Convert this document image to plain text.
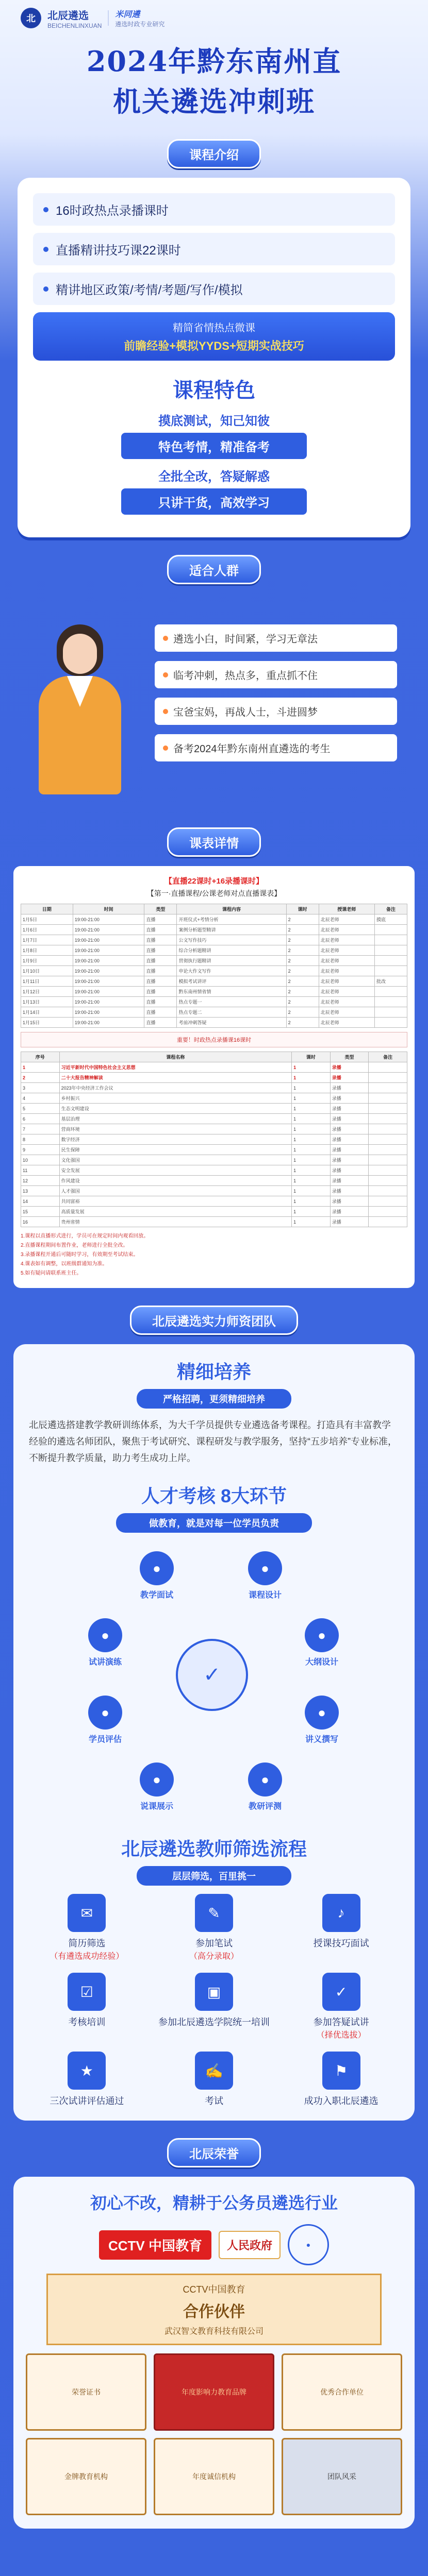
北	北辰遴选
BEICHENLINXUAN
米同遴
遴选时政专业研究
2024年黔东南州直
机关遴选冲刺班
课程介绍
16时政热点录播课时
直播精讲技巧课22课时
精讲地区政策/考情/考题/写作/模拟
精简省情热点微课
前瞻经验+模拟YYDS+短期实战技巧
课程特色
摸底测试，知己知彼
特色考情，精准备考
全批全改，答疑解惑
只讲干货，高效学习
适合人群
遴选小白，时间紧，学习无章法
临考冲刺，热点多，重点抓不住
宝爸宝妈，再战人士，斗进圆梦
备考2024年黔东南州直遴选的考生
课表详情
【直播22课时+16录播课时】
【第一·直播课程/公课老师对点直播课表】
日期	时间	类型	课程内容	课时	授课老师	备注
1月5日	19:00-21:00	直播	开班仪式+考情分析	2	北辰老师	摸底
1月6日	19:00-21:00	直播	案例分析题型精讲	2	北辰老师	
1月7日	19:00-21:00	直播	公文写作技巧	2	北辰老师	
1月8日	19:00-21:00	直播	综合分析题精讲	2	北辰老师	
1月9日	19:00-21:00	直播	贯彻执行题精讲	2	北辰老师	
1月10日	19:00-21:00	直播	申论大作文写作	2	北辰老师	
1月11日	19:00-21:00	直播	模拟考试讲评	2	北辰老师	批改
1月12日	19:00-21:00	直播	黔东南州情省情	2	北辰老师	
1月13日	19:00-21:00	直播	热点专题一	2	北辰老师	
1月14日	19:00-21:00	直播	热点专题二	2	北辰老师	
1月15日	19:00-21:00	直播	考前冲刺答疑	2	北辰老师	
重要！时政热点录播课16课时
序号	课程名称	课时	类型	备注
1	习近平新时代中国特色社会主义思想	1	录播	
2	二十大报告精神解读	1	录播	
3	2023年中央经济工作会议	1	录播	
4	乡村振兴	1	录播	
5	生态文明建设	1	录播	
6	基层治理	1	录播	
7	营商环境	1	录播	
8	数字经济	1	录播	
9	民生保障	1	录播	
10	文化强国	1	录播	
11	安全发展	1	录播	
12	作风建设	1	录播	
13	人才强国	1	录播	
14	共同富裕	1	录播	
15	高质量发展	1	录播	
16	贵州省情	1	录播	

1.课程以直播形式进行，学员可在规定时间内观看回放。

2.直播课程期间布置作业，老师进行全批全改。

3.录播课程开通后可随时学习，有效期至考试结束。

4.课表如有调整，以班级群通知为准。

5.如有疑问请联系班主任。

北辰遴选实力师资团队
精细培养
严格招聘，更须精细培养

北辰遴选搭建教学教研训练体系，为大千学员提供专业遴选备考课程。打造具有丰富教学经验的遴选名师团队，聚焦于考试研究、课程研发与教学服务，坚持“五步培养”专业标准，不断提升教学质量，助力考生成功上岸。

人才考核 8大环节
做教育，就是对每一位学员负责
✓
●
教学面试
●
课程设计
●
大纲设计
●
讲义撰写
●
试讲演练
●
学员评估
●
说课展示
●
教研评测
北辰遴选教师筛选流程
层层筛选，百里挑一
✉
简历筛选
（有遴选成功经验）
✎
参加笔试
（高分录取）
♪
授课技巧面试
☑
考核培训
▣
参加北辰遴选学院统一培训
✓
参加答疑试讲
（择优选拔）
★
三次试讲评估通过
✍
考试
⚑
成功入职北辰遴选
北辰荣誉
初心不改，精耕于公务员遴选行业
CCTV 中国教育	人民政府	●
CCTV中国教育
合作伙伴
武汉智文教育科技有限公司
荣誉证书	年度影响力教育品牌	优秀合作单位
金牌教育机构	年度诚信机构	团队风采
